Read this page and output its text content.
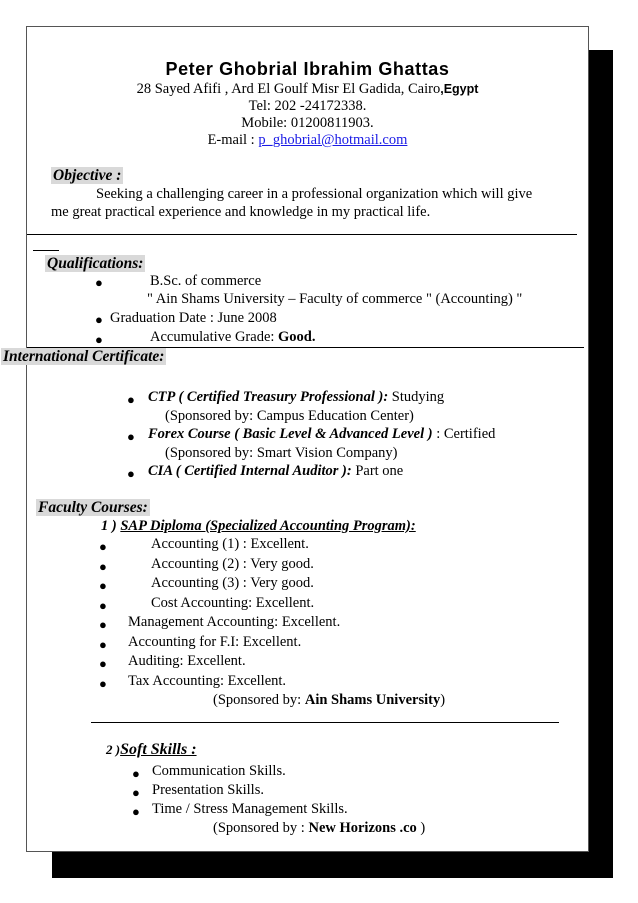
Peter Ghobrial Ibrahim Ghattas
28 Sayed Afifi , Ard El Goulf Misr El Gadida, Cairo,Egypt
Tel: 202 -24172338.
Mobile: 01200811903.
E-mail : p_ghobrial@hotmail.com
Objective :
Seeking a challenging career in a professional organization which will give
me great practical experience and knowledge in my practical life.
Qualifications:
●	B.Sc. of commerce
" Ain Shams University – Faculty of commerce " (Accounting) "
● Graduation Date : June 2008
●	Accumulative Grade: Good.
International Certificate:
● CTP ( Certified Treasury Professional ): Studying
(Sponsored by: Campus Education Center)
● Forex Course ( Basic Level & Advanced Level ) : Certified
(Sponsored by: Smart Vision Company)
● CIA ( Certified Internal Auditor ): Part one
Faculty Courses:
1 ) SAP Diploma (Specialized Accounting Program):
●	Accounting (1) : Excellent.
●	Accounting (2) : Very good.
●	Accounting (3) : Very good.
●	Cost Accounting: Excellent.
● Management Accounting: Excellent.
● Accounting for F.I: Excellent.
● Auditing: Excellent.
● Tax Accounting: Excellent.
(Sponsored by: Ain Shams University)
2 )Soft Skills :
● Communication Skills.
● Presentation Skills.
● Time / Stress Management Skills.
(Sponsored by : New Horizons .co )
